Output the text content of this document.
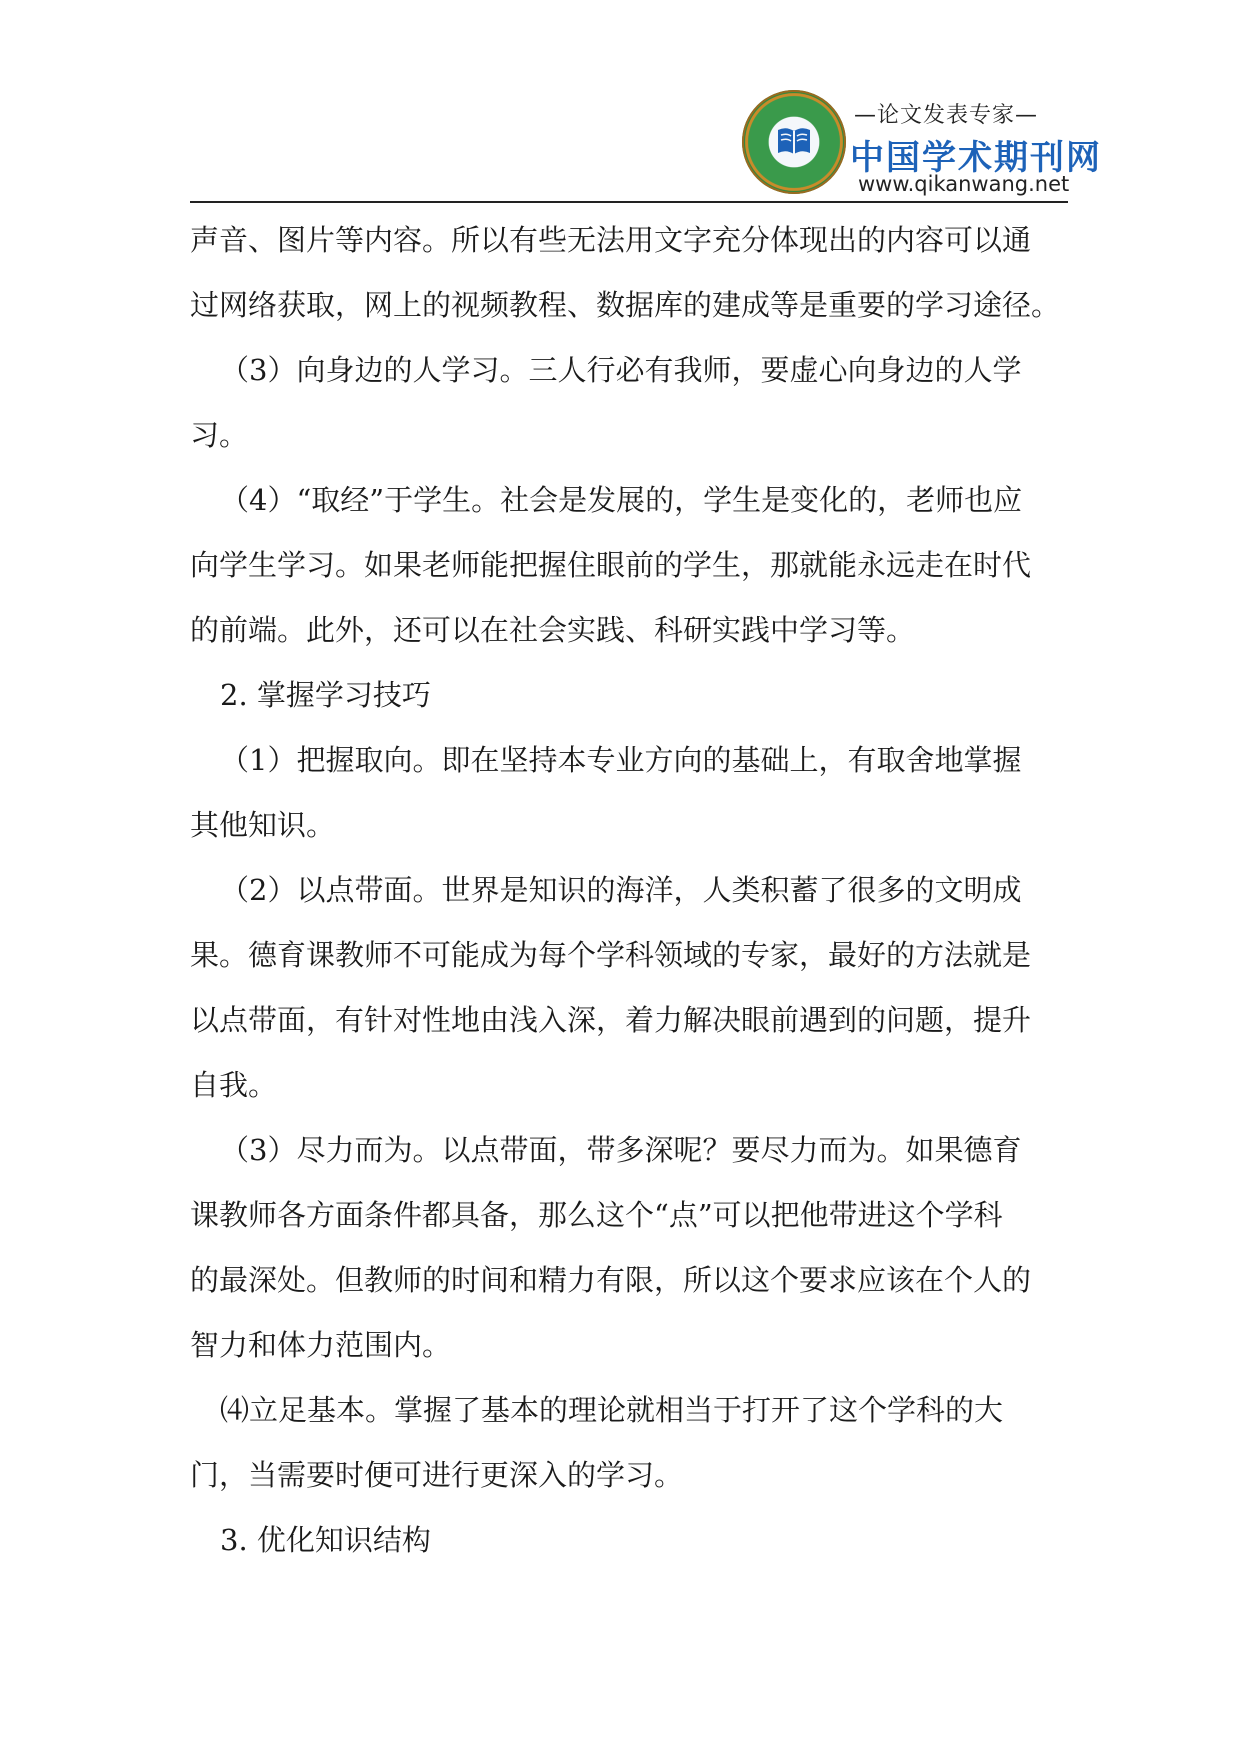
—论文发表专家—
中国学术期刊网
www.qikanwang.net

声音、图片等内容。所以有些无法用文字充分体现出的内容可以通

过网络获取，网上的视频教程、数据库的建成等是重要的学习途径。

（3）向身边的人学习。三人行必有我师，要虚心向身边的人学

习。

（4）“取经”于学生。社会是发展的，学生是变化的，老师也应

向学生学习。如果老师能把握住眼前的学生，那就能永远走在时代

的前端。此外，还可以在社会实践、科研实践中学习等。

2. 掌握学习技巧

（1）把握取向。即在坚持本专业方向的基础上，有取舍地掌握

其他知识。

（2）以点带面。世界是知识的海洋，人类积蓄了很多的文明成

果。德育课教师不可能成为每个学科领域的专家，最好的方法就是

以点带面，有针对性地由浅入深，着力解决眼前遇到的问题，提升

自我。

（3）尽力而为。以点带面，带多深呢？要尽力而为。如果德育

课教师各方面条件都具备，那么这个“点”可以把他带进这个学科

的最深处。但教师的时间和精力有限，所以这个要求应该在个人的

智力和体力范围内。

⑷立足基本。掌握了基本的理论就相当于打开了这个学科的大

门，当需要时便可进行更深入的学习。

3. 优化知识结构
